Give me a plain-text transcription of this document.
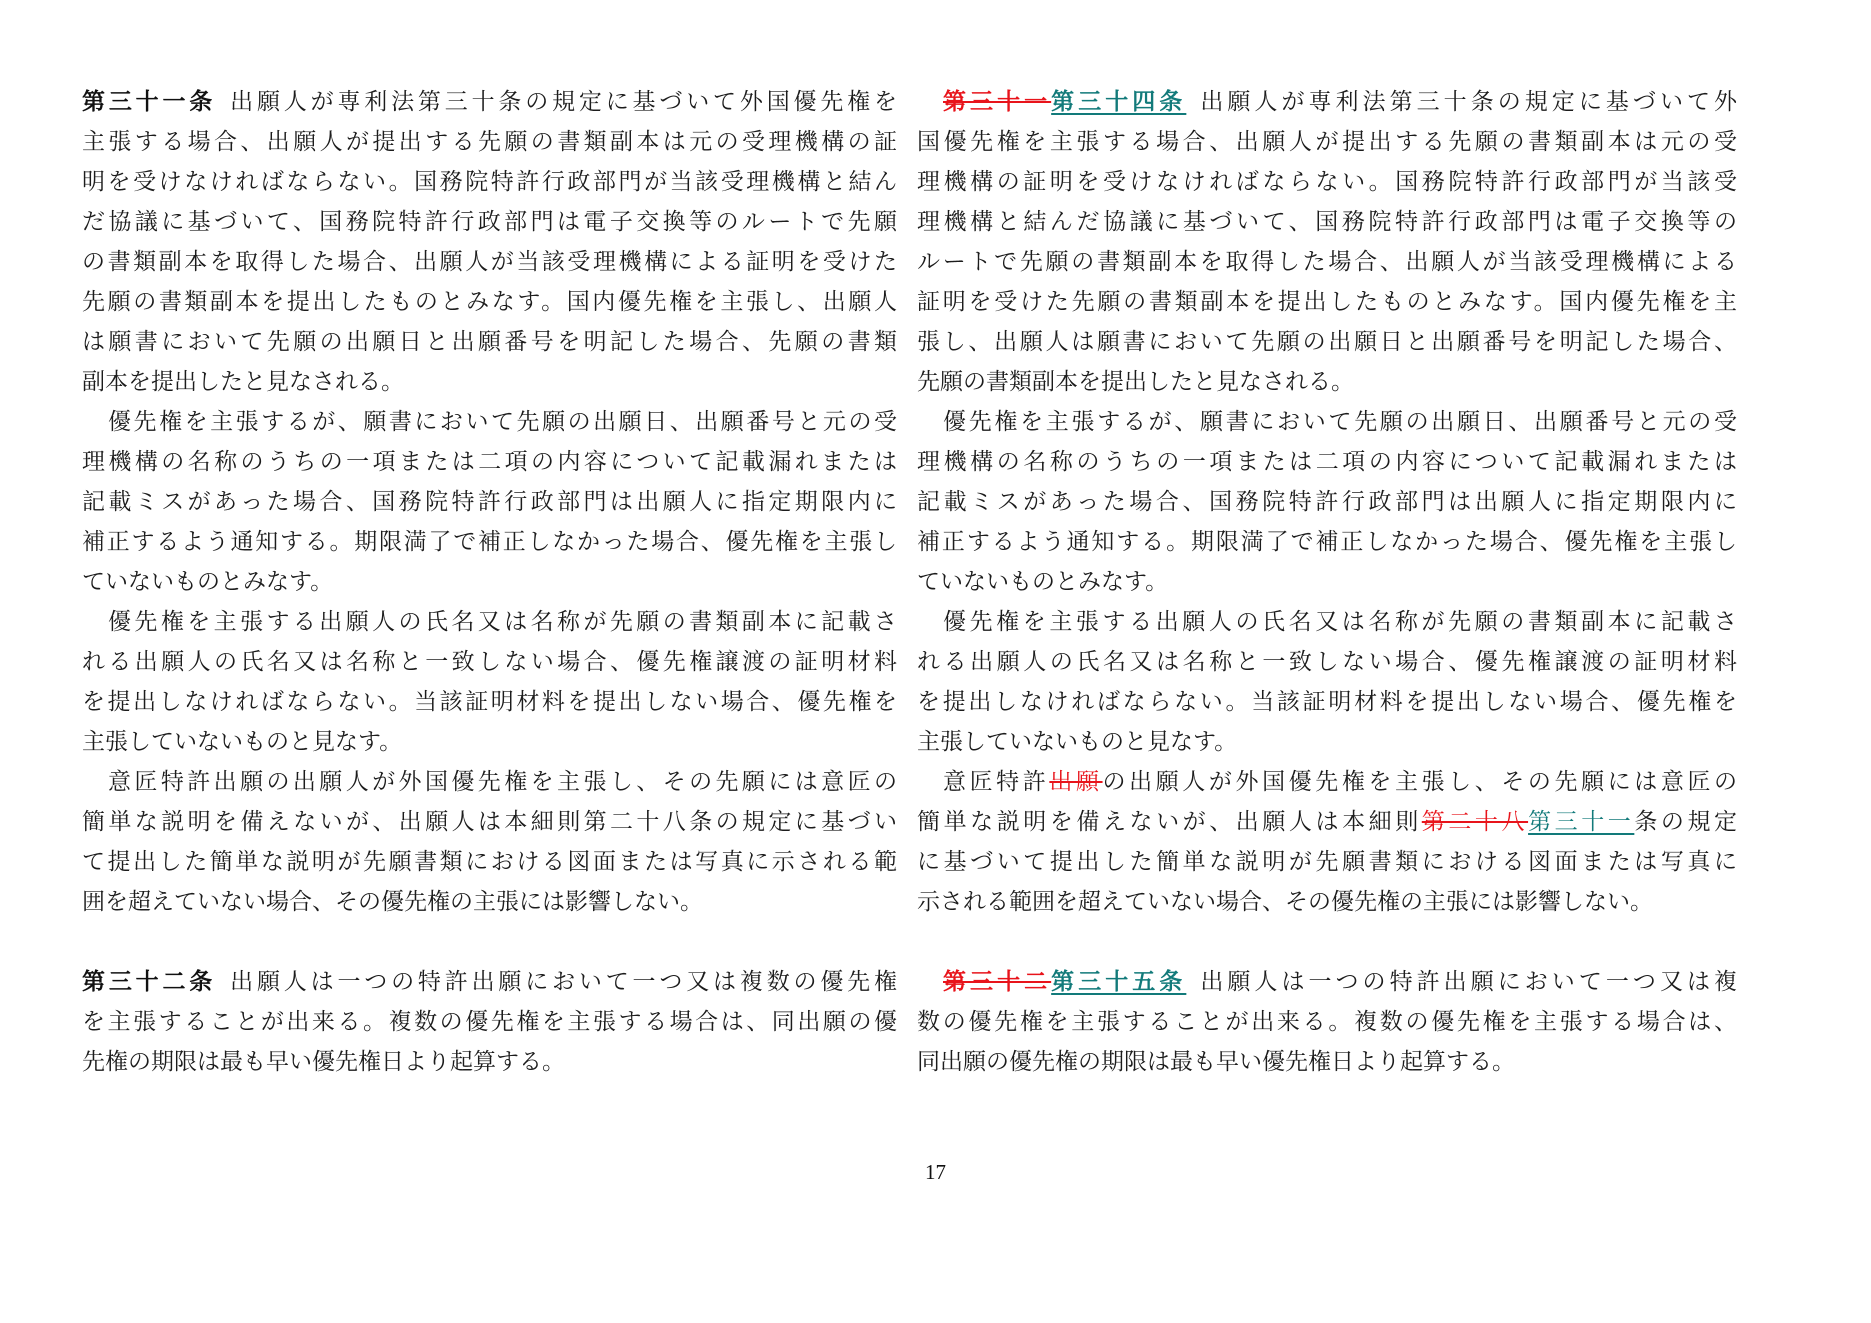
第三十一条 出願人が専利法第三十条の規定に基づいて外国優先権を
主張する場合、出願人が提出する先願の書類副本は元の受理機構の証
明を受けなければならない。国務院特許行政部門が当該受理機構と結ん
だ協議に基づいて、国務院特許行政部門は電子交換等のルートで先願
の書類副本を取得した場合、出願人が当該受理機構による証明を受けた
先願の書類副本を提出したものとみなす。国内優先権を主張し、出願人
は願書において先願の出願日と出願番号を明記した場合、先願の書類
副本を提出したと見なされる。
優先権を主張するが、願書において先願の出願日、出願番号と元の受
理機構の名称のうちの一項または二項の内容について記載漏れまたは
記載ミスがあった場合、国務院特許行政部門は出願人に指定期限内に
補正するよう通知する。期限満了で補正しなかった場合、優先権を主張し
ていないものとみなす。
優先権を主張する出願人の氏名又は名称が先願の書類副本に記載さ
れる出願人の氏名又は名称と一致しない場合、優先権譲渡の証明材料
を提出しなければならない。当該証明材料を提出しない場合、優先権を
主張していないものと見なす。
意匠特許出願の出願人が外国優先権を主張し、その先願には意匠の
簡単な説明を備えないが、出願人は本細則第二十八条の規定に基づい
て提出した簡単な説明が先願書類における図面または写真に示される範
囲を超えていない場合、その優先権の主張には影響しない。
第三十二条 出願人は一つの特許出願において一つ又は複数の優先権
を主張することが出来る。複数の優先権を主張する場合は、同出願の優
先権の期限は最も早い優先権日より起算する。
第三十一第三十四条 出願人が専利法第三十条の規定に基づいて外
国優先権を主張する場合、出願人が提出する先願の書類副本は元の受
理機構の証明を受けなければならない。国務院特許行政部門が当該受
理機構と結んだ協議に基づいて、国務院特許行政部門は電子交換等の
ルートで先願の書類副本を取得した場合、出願人が当該受理機構による
証明を受けた先願の書類副本を提出したものとみなす。国内優先権を主
張し、出願人は願書において先願の出願日と出願番号を明記した場合、
先願の書類副本を提出したと見なされる。
優先権を主張するが、願書において先願の出願日、出願番号と元の受
理機構の名称のうちの一項または二項の内容について記載漏れまたは
記載ミスがあった場合、国務院特許行政部門は出願人に指定期限内に
補正するよう通知する。期限満了で補正しなかった場合、優先権を主張し
ていないものとみなす。
優先権を主張する出願人の氏名又は名称が先願の書類副本に記載さ
れる出願人の氏名又は名称と一致しない場合、優先権譲渡の証明材料
を提出しなければならない。当該証明材料を提出しない場合、優先権を
主張していないものと見なす。
意匠特許出願の出願人が外国優先権を主張し、その先願には意匠の
簡単な説明を備えないが、出願人は本細則第二十八第三十一条の規定
に基づいて提出した簡単な説明が先願書類における図面または写真に
示される範囲を超えていない場合、その優先権の主張には影響しない。
第三十二第三十五条 出願人は一つの特許出願において一つ又は複
数の優先権を主張することが出来る。複数の優先権を主張する場合は、
同出願の優先権の期限は最も早い優先権日より起算する。
17
